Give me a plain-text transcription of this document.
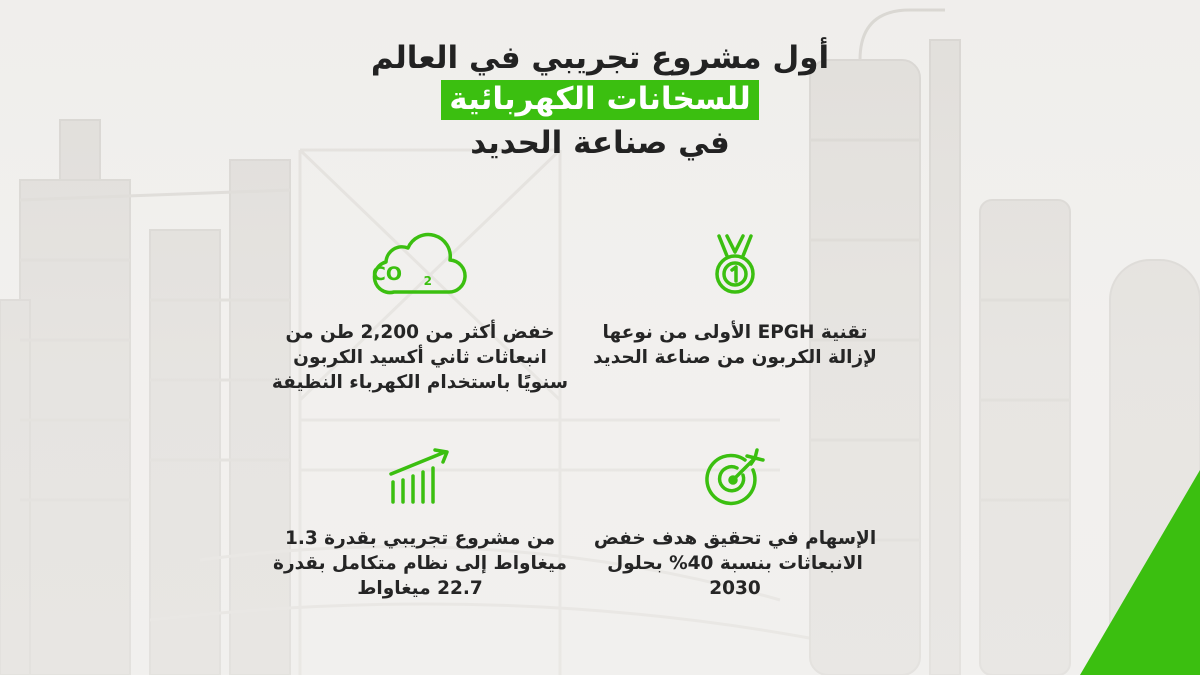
أول مشروع تجريبي في العالم
للسخانات الكهربائية
في صناعة الحديد
تقنية EPGH الأولى من نوعها لإزالة الكربون من صناعة الحديد
CO 2
خفض أكثر من 2,200 طن من انبعاثات ثاني أكسيد الكربون سنويًا باستخدام الكهرباء النظيفة
الإسهام في تحقيق هدف خفض الانبعاثات بنسبة 40% بحلول 2030
من مشروع تجريبي بقدرة 1.3 ميغاواط إلى نظام متكامل بقدرة 22.7 ميغاواط
